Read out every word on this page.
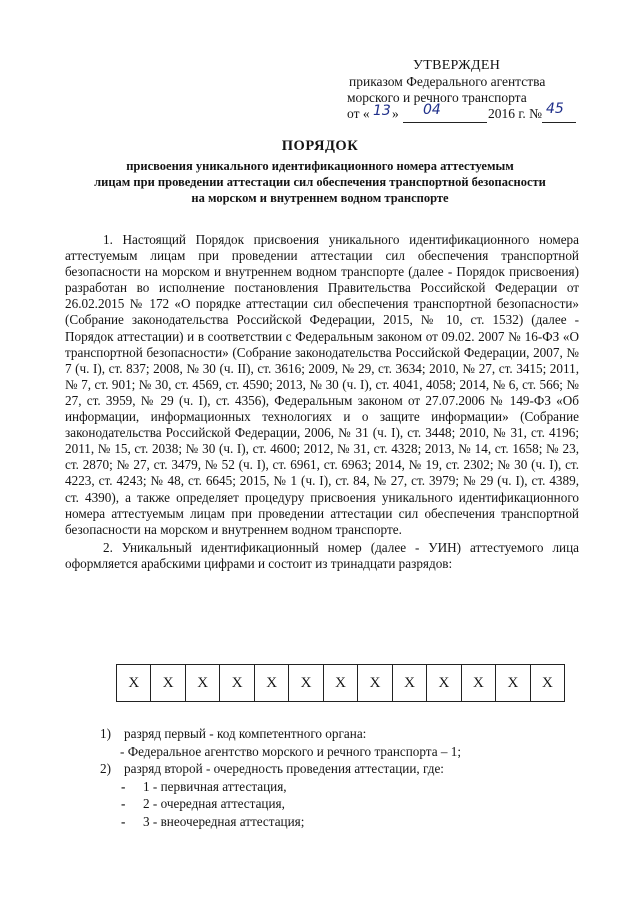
УТВЕРЖДЕН
приказом Федерального агентства
морского и речного транспорта
от « 13 » 04	2016 г. № 45
ПОРЯДОК
присвоения уникального идентификационного номера аттестуемым
лицам при проведении аттестации сил обеспечения транспортной безопасности
на морском и внутреннем водном транспорте

1. Настоящий Порядок присвоения уникального идентификационного номера аттестуемым лицам при проведении аттестации сил обеспечения транспортной безопасности на морском и внутреннем водном транспорте (далее - Порядок присвоения) разработан во исполнение постановления Правительства Российской Федерации от 26.02.2015 № 172 «О порядке аттестации сил обеспечения транспортной безопасности» (Собрание законодательства Российской Федерации, 2015, № 10, ст. 1532) (далее - Порядок аттестации) и в соответствии с Федеральным законом от 09.02. 2007 № 16-ФЗ «О транспортной безопасности» (Собрание законодательства Российской Федерации, 2007, № 7 (ч. I), ст. 837; 2008, № 30 (ч. II), ст. 3616; 2009, № 29, ст. 3634; 2010, № 27, ст. 3415; 2011, № 7, ст. 901; № 30, ст. 4569, ст. 4590; 2013, № 30 (ч. I), ст. 4041, 4058; 2014, № 6, ст. 566; № 27, ст. 3959, № 29 (ч. I), ст. 4356), Федеральным законом от 27.07.2006 № 149-ФЗ «Об информации, информационных технологиях и о защите информации» (Собрание законодательства Российской Федерации, 2006, № 31 (ч. I), ст. 3448; 2010, № 31, ст. 4196; 2011, № 15, ст. 2038; № 30 (ч. I), ст. 4600; 2012, № 31, ст. 4328; 2013, № 14, ст. 1658; № 23, ст. 2870; № 27, ст. 3479, № 52 (ч. I), ст. 6961, ст. 6963; 2014, № 19, ст. 2302; № 30 (ч. I), ст. 4223, ст. 4243; № 48, ст. 6645; 2015, № 1 (ч. I), ст. 84, № 27, ст. 3979; № 29 (ч. I), ст. 4389, ст. 4390), а также определяет процедуру присвоения уникального идентификационного номера аттестуемым лицам при проведении аттестации сил обеспечения транспортной безопасности на морском и внутреннем водном транспорте.

2. Уникальный идентификационный номер (далее - УИН) аттестуемого лица оформляется арабскими цифрами и состоит из тринадцати разрядов:

X	X	X	X	X	X	X	X	X	X	X	X	X
1) разряд первый - код компетентного органа:
- Федеральное агентство морского и речного транспорта – 1;
2) разряд второй - очередность проведения аттестации, где:
-	1 - первичная аттестация,
-	2 - очередная аттестация,
-	3 - внеочередная аттестация;
